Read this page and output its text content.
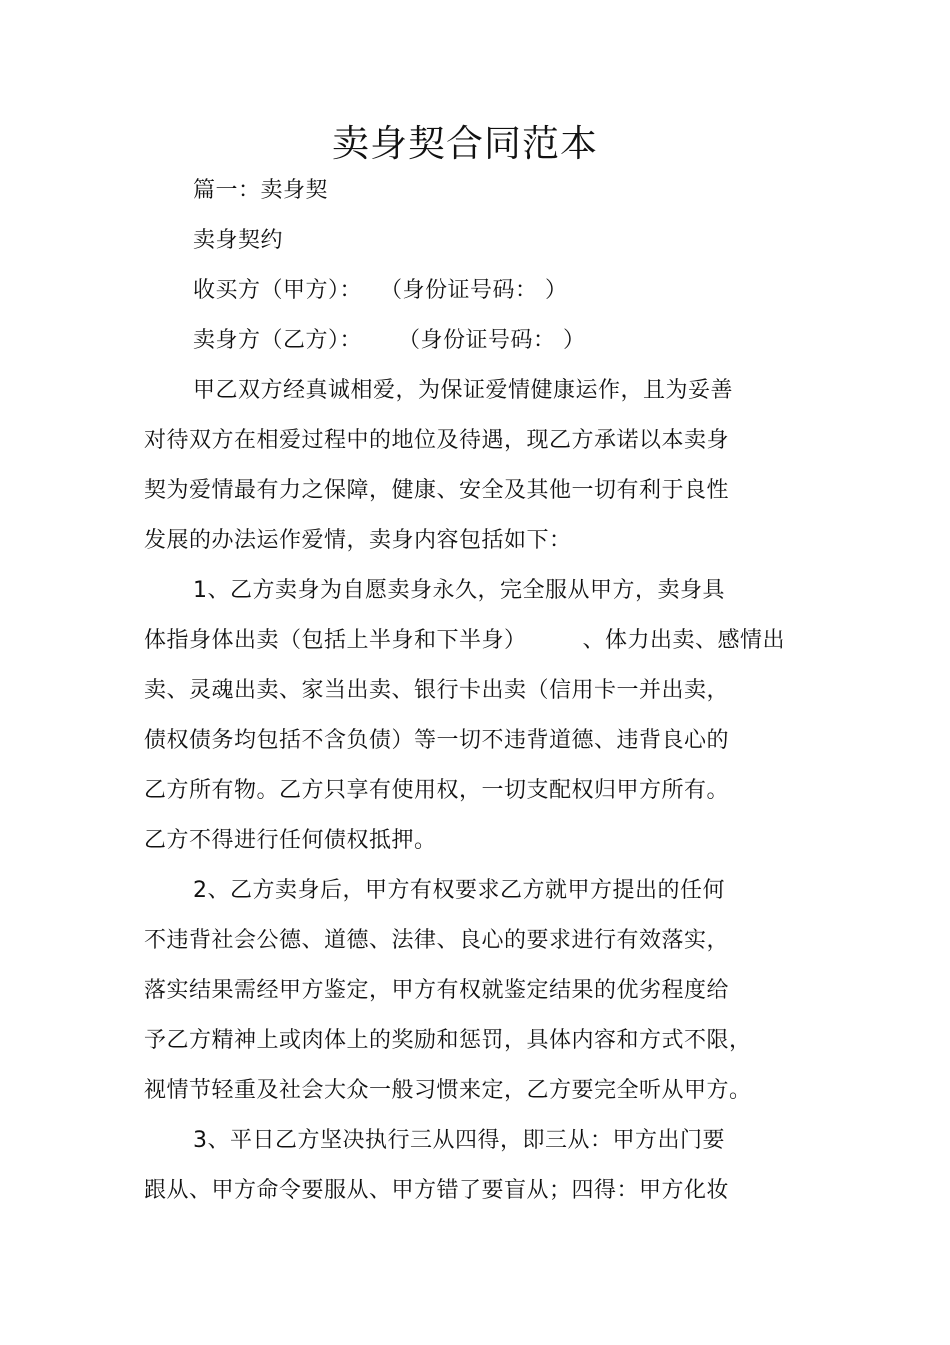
卖身契合同范本
篇一：卖身契
卖身契约
收买方（甲方）： （身份证号码： ）
卖身方（乙方）： （身份证号码： ）
甲乙双方经真诚相爱，为保证爱情健康运作，且为妥善
对待双方在相爱过程中的地位及待遇，现乙方承诺以本卖身
契为爱情最有力之保障，健康、安全及其他一切有利于良性
发展的办法运作爱情，卖身内容包括如下：
1、乙方卖身为自愿卖身永久，完全服从甲方，卖身具
体指身体出卖（包括上半身和下半身）	、体力出卖、感情出
卖、灵魂出卖、家当出卖、银行卡出卖（信用卡一并出卖，
债权债务均包括不含负债）等一切不违背道德、违背良心的
乙方所有物。乙方只享有使用权，一切支配权归甲方所有。
乙方不得进行任何债权抵押。
2、乙方卖身后，甲方有权要求乙方就甲方提出的任何
不违背社会公德、道德、法律、良心的要求进行有效落实，
落实结果需经甲方鉴定，甲方有权就鉴定结果的优劣程度给
予乙方精神上或肉体上的奖励和惩罚，具体内容和方式不限，
视情节轻重及社会大众一般习惯来定，乙方要完全听从甲方。
3、平日乙方坚决执行三从四得，即三从：甲方出门要
跟从、甲方命令要服从、甲方错了要盲从；四得：甲方化妆
